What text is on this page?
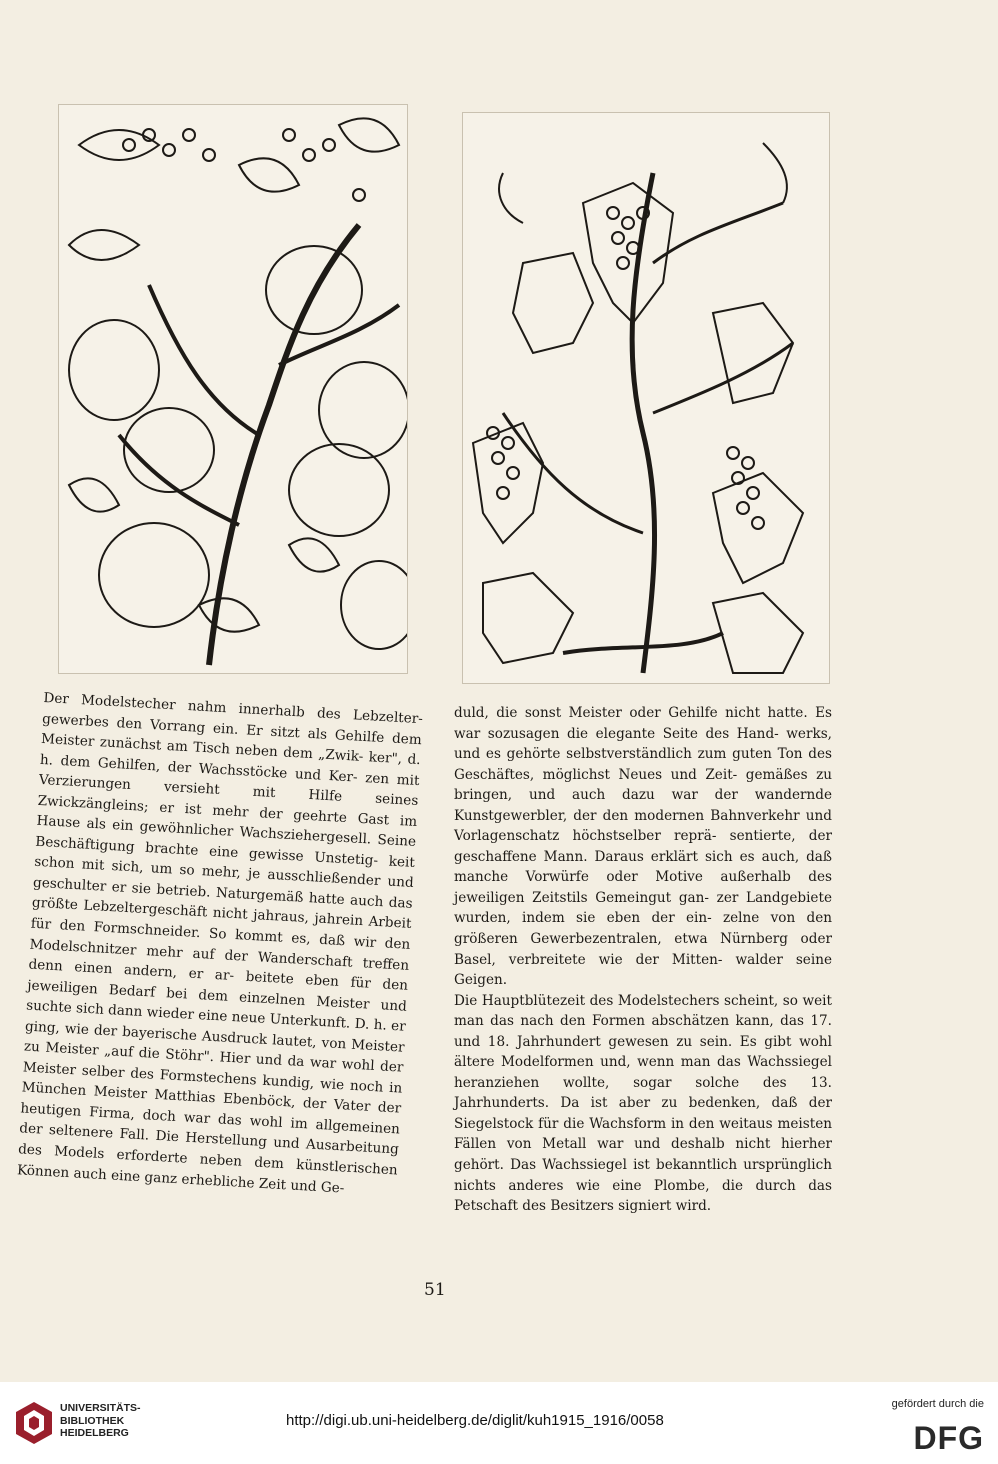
Der Modelstecher nahm innerhalb des Lebzelter- gewerbes den Vorrang ein. Er sitzt als Gehilfe dem Meister zunächst am Tisch neben dem „Zwik- ker", d. h. dem Gehilfen, der Wachsstöcke und Ker- zen mit Verzierungen versieht mit Hilfe seines Zwickzängleins; er ist mehr der geehrte Gast im Hause als ein gewöhnlicher Wachsziehergesell. Seine Beschäftigung brachte eine gewisse Unstetig- keit schon mit sich, um so mehr, je ausschließender und geschulter er sie betrieb. Naturgemäß hatte auch das größte Lebzeltergeschäft nicht jahraus, jahrein Arbeit für den Formschneider. So kommt es, daß wir den Modelschnitzer mehr auf der Wanderschaft treffen denn einen andern, er ar- beitete eben für den jeweiligen Bedarf bei dem einzelnen Meister und suchte sich dann wieder eine neue Unterkunft. D. h. er ging, wie der bayerische Ausdruck lautet, von Meister zu Meister „auf die Stöhr". Hier und da war wohl der Meister selber des Formstechens kundig, wie noch in München Meister Matthias Ebenböck, der Vater der heutigen Firma, doch war das wohl im allgemeinen der seltenere Fall. Die Herstellung und Ausarbeitung des Models erforderte neben dem künstlerischen Können auch eine ganz erhebliche Zeit und Ge-

duld, die sonst Meister oder Gehilfe nicht hatte. Es war sozusagen die elegante Seite des Hand- werks, und es gehörte selbstverständlich zum guten Ton des Geschäftes, möglichst Neues und Zeit- gemäßes zu bringen, und auch dazu war der wandernde Kunstgewerbler, der den modernen Bahnverkehr und Vorlagenschatz höchstselber reprä- sentierte, der geschaffene Mann. Daraus erklärt sich es auch, daß manche Vorwürfe oder Motive außerhalb des jeweiligen Zeitstils Gemeingut gan- zer Landgebiete wurden, indem sie eben der ein- zelne von den größeren Gewerbezentralen, etwa Nürnberg oder Basel, verbreitete wie der Mitten- walder seine Geigen.

Die Hauptblütezeit des Modelstechers scheint, so weit man das nach den Formen abschätzen kann, das 17. und 18. Jahrhundert gewesen zu sein. Es gibt wohl ältere Modelformen und, wenn man das Wachssiegel heranziehen wollte, sogar solche des 13. Jahrhunderts. Da ist aber zu bedenken, daß der Siegelstock für die Wachsform in den weitaus meisten Fällen von Metall war und deshalb nicht hierher gehört. Das Wachssiegel ist bekanntlich ursprünglich nichts anderes wie eine Plombe, die durch das Petschaft des Besitzers signiert wird.

51
UNIVERSITÄTS-
BIBLIOTHEK
HEIDELBERG
http://digi.ub.uni-heidelberg.de/diglit/kuh1915_1916/0058
gefördert durch die
DFG
